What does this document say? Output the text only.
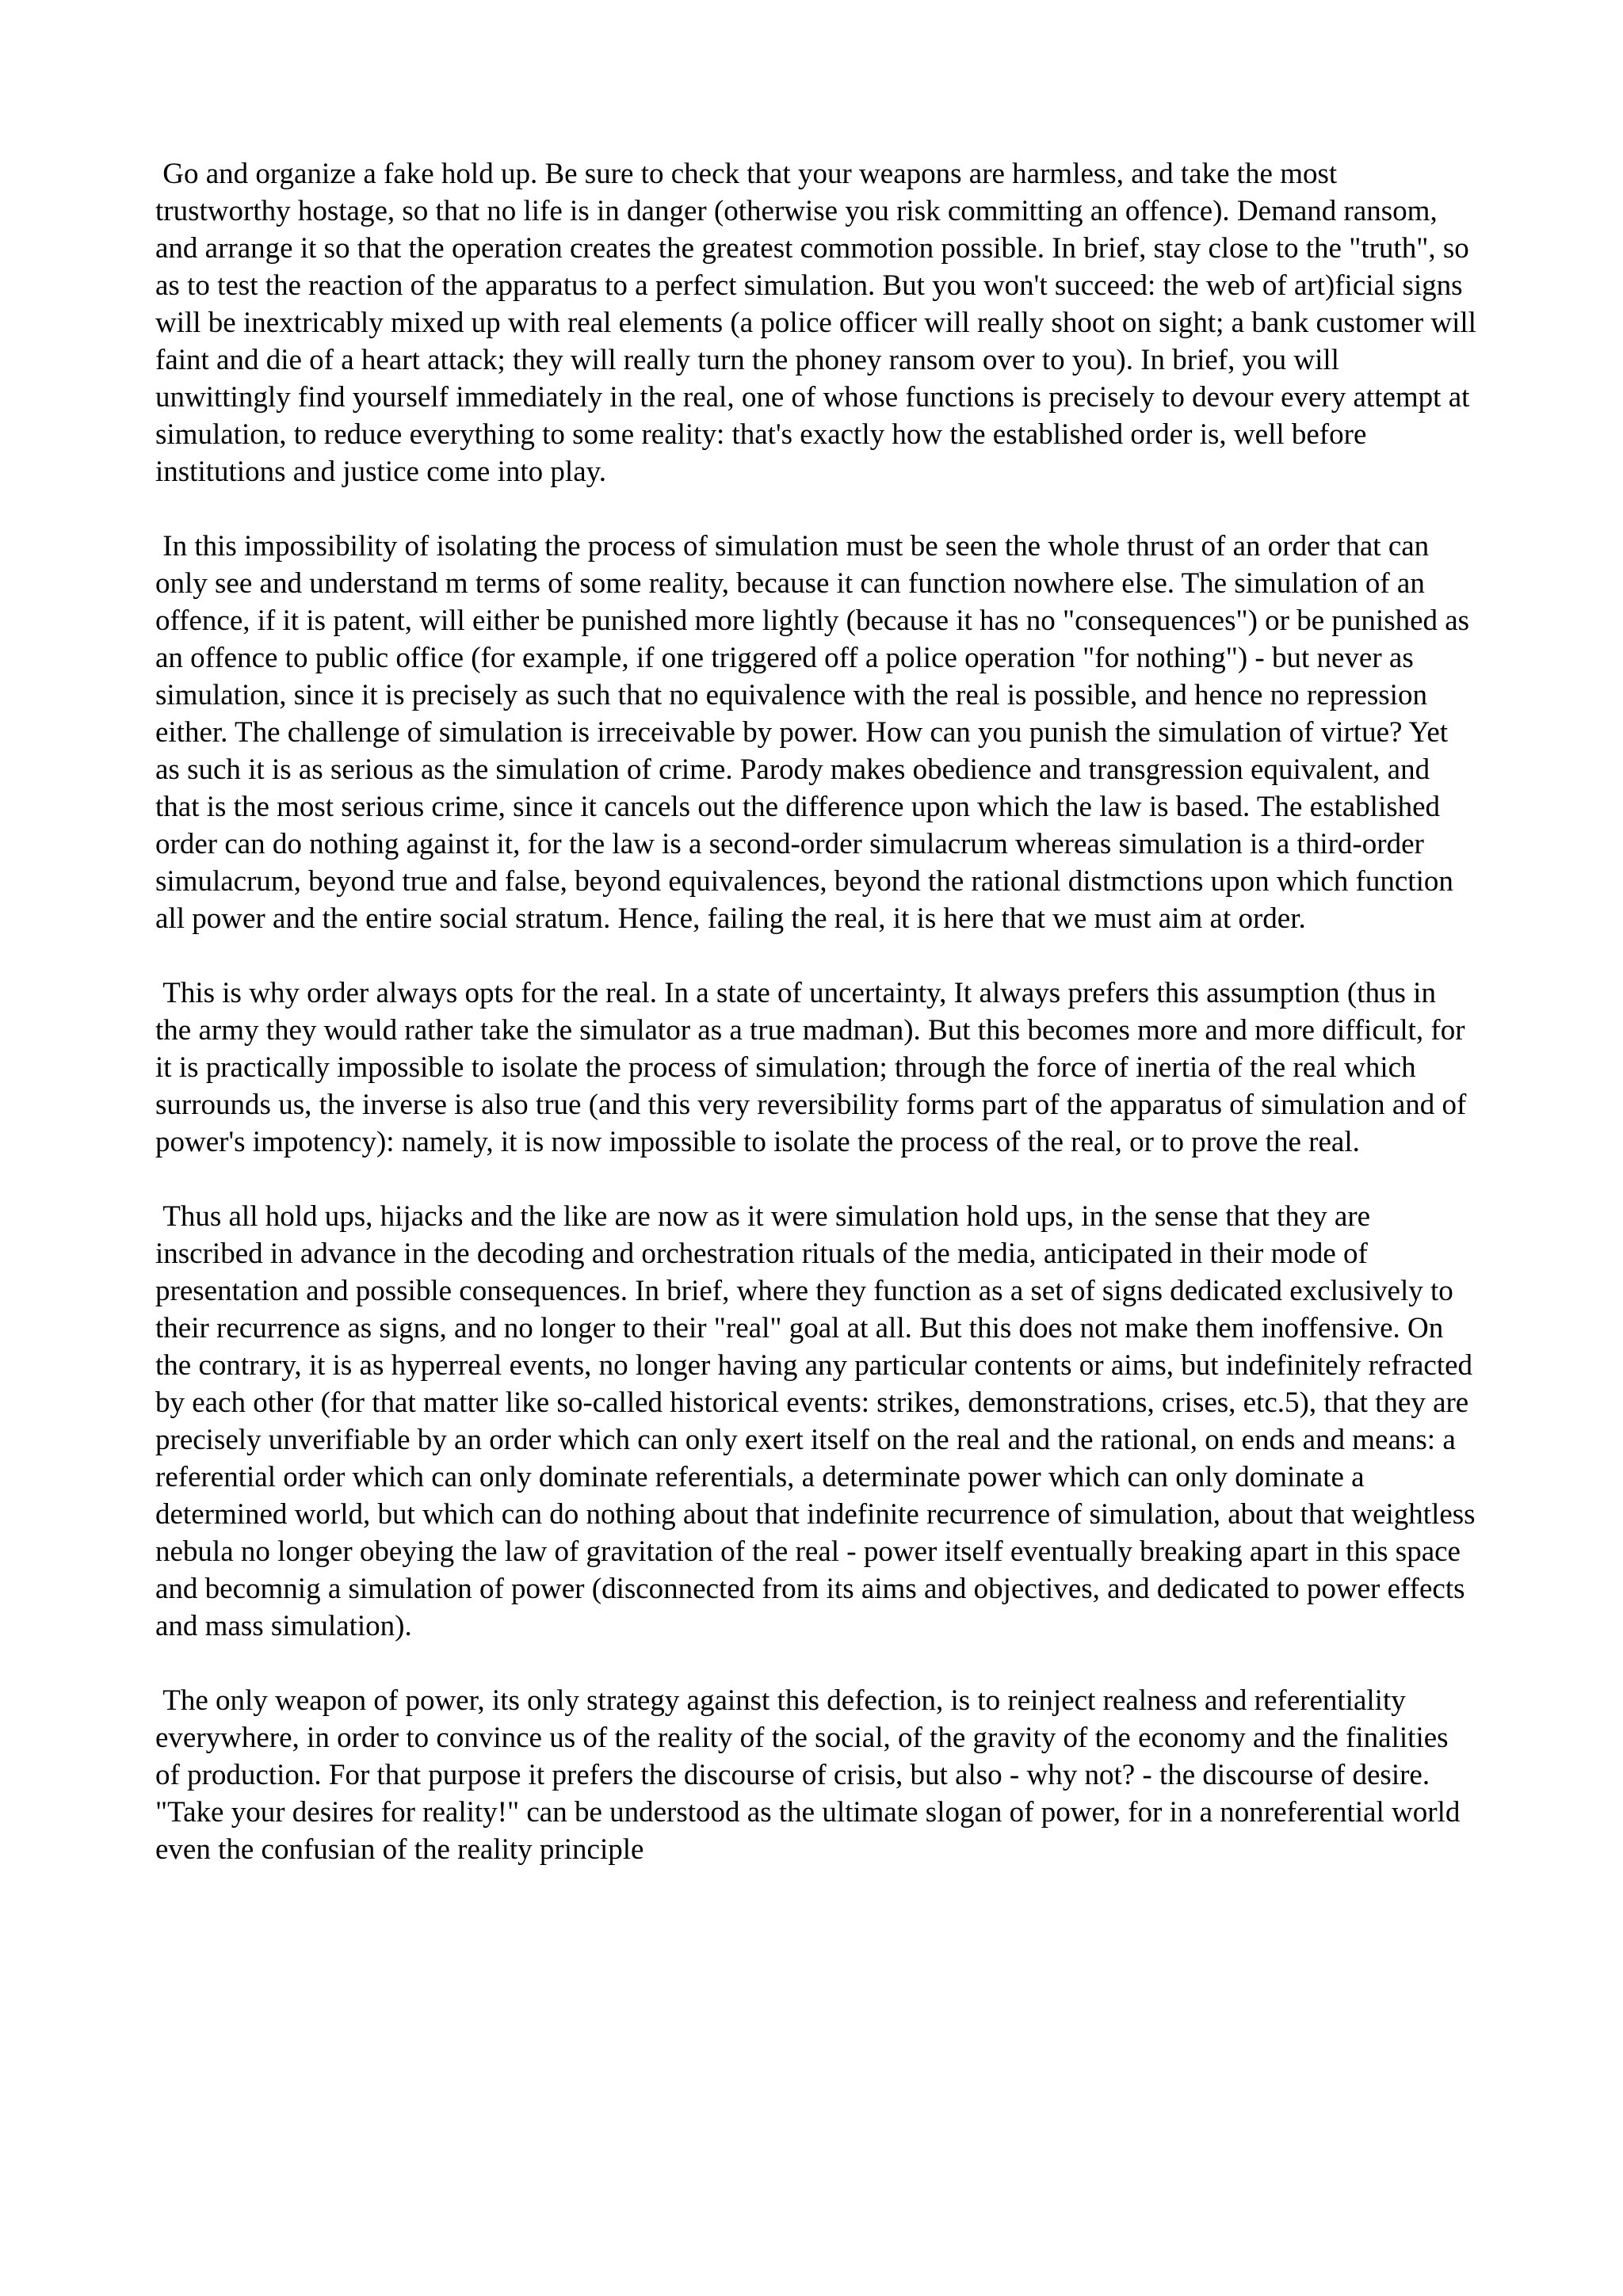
Go and organize a fake hold up. Be sure to check that your weapons are harmless, and take the most trustworthy hostage, so that no life is in danger (otherwise you risk committing an offence). Demand ransom, and arrange it so that the operation creates the greatest commotion possible. In brief, stay close to the "truth", so as to test the reaction of the apparatus to a perfect simulation. But you won't succeed: the web of art)ficial signs will be inextricably mixed up with real elements (a police officer will really shoot on sight; a bank customer will faint and die of a heart attack; they will really turn the phoney ransom over to you). In brief, you will unwittingly find yourself immediately in the real, one of whose functions is precisely to devour every attempt at simulation, to reduce everything to some reality: that's exactly how the established order is, well before institutions and justice come into play.

In this impossibility of isolating the process of simulation must be seen the whole thrust of an order that can only see and understand m terms of some reality, because it can function nowhere else. The simulation of an offence, if it is patent, will either be punished more lightly (because it has no "consequences") or be punished as an offence to public office (for example, if one triggered off a police operation "for nothing") - but never as simulation, since it is precisely as such that no equivalence with the real is possible, and hence no repression either. The challenge of simulation is irreceivable by power. How can you punish the simulation of virtue? Yet as such it is as serious as the simulation of crime. Parody makes obedience and transgression equivalent, and that is the most serious crime, since it cancels out the difference upon which the law is based. The established order can do nothing against it, for the law is a second-order simulacrum whereas simulation is a third-order simulacrum, beyond true and false, beyond equivalences, beyond the rational distmctions upon which function all power and the entire social stratum. Hence, failing the real, it is here that we must aim at order.

This is why order always opts for the real. In a state of uncertainty, It always prefers this assumption (thus in the army they would rather take the simulator as a true madman). But this becomes more and more difficult, for it is practically impossible to isolate the process of simulation; through the force of inertia of the real which surrounds us, the inverse is also true (and this very reversibility forms part of the apparatus of simulation and of power's impotency): namely, it is now impossible to isolate the process of the real, or to prove the real.

Thus all hold ups, hijacks and the like are now as it were simulation hold ups, in the sense that they are inscribed in advance in the decoding and orchestration rituals of the media, anticipated in their mode of presentation and possible consequences. In brief, where they function as a set of signs dedicated exclusively to their recurrence as signs, and no longer to their "real" goal at all. But this does not make them inoffensive. On the contrary, it is as hyperreal events, no longer having any particular contents or aims, but indefinitely refracted by each other (for that matter like so-called historical events: strikes, demonstrations, crises, etc.5), that they are precisely unverifiable by an order which can only exert itself on the real and the rational, on ends and means: a referential order which can only dominate referentials, a determinate power which can only dominate a determined world, but which can do nothing about that indefinite recurrence of simulation, about that weightless nebula no longer obeying the law of gravitation of the real - power itself eventually breaking apart in this space and becomnig a simulation of power (disconnected from its aims and objectives, and dedicated to power effects and mass simulation).

The only weapon of power, its only strategy against this defection, is to reinject realness and referentiality everywhere, in order to convince us of the reality of the social, of the gravity of the economy and the finalities of production. For that purpose it prefers the discourse of crisis, but also - why not? - the discourse of desire. "Take your desires for reality!" can be understood as the ultimate slogan of power, for in a nonreferential world even the confusian of the reality principle
